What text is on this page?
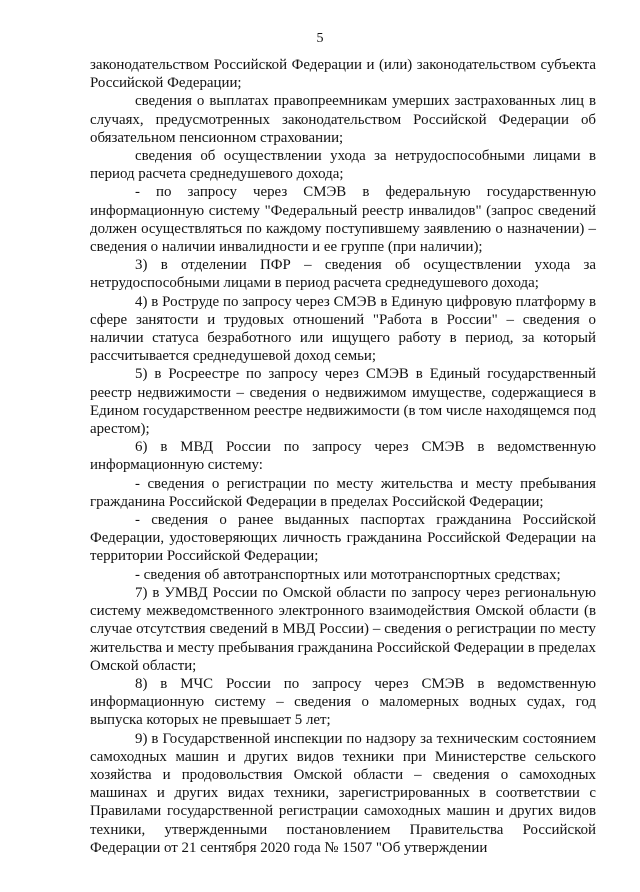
5

законодательством Российской Федерации и (или) законодательством субъекта Российской Федерации;

сведения о выплатах правопреемникам умерших застрахованных лиц в случаях, предусмотренных законодательством Российской Федерации об обязательном пенсионном страховании;

сведения об осуществлении ухода за нетрудоспособными лицами в период расчета среднедушевого дохода;

- по запросу через СМЭВ в федеральную государственную информационную систему "Федеральный реестр инвалидов" (запрос сведений должен осуществляться по каждому поступившему заявлению о назначении) – сведения о наличии инвалидности и ее группе (при наличии);

3) в отделении ПФР – сведения об осуществлении ухода за нетрудоспособными лицами в период расчета среднедушевого дохода;

4) в Роструде по запросу через СМЭВ в Единую цифровую платформу в сфере занятости и трудовых отношений "Работа в России" – сведения о наличии статуса безработного или ищущего работу в период, за который рассчитывается среднедушевой доход семьи;

5) в Росреестре по запросу через СМЭВ в Единый государственный реестр недвижимости – сведения о недвижимом имуществе, содержащиеся в Едином государственном реестре недвижимости (в том числе находящемся под арестом);

6) в МВД России по запросу через СМЭВ в ведомственную информационную систему:

- сведения о регистрации по месту жительства и месту пребывания гражданина Российской Федерации в пределах Российской Федерации;

- сведения о ранее выданных паспортах гражданина Российской Федерации, удостоверяющих личность гражданина Российской Федерации на территории Российской Федерации;

- сведения об автотранспортных или мототранспортных средствах;

7) в УМВД России по Омской области по запросу через региональную систему межведомственного электронного взаимодействия Омской области (в случае отсутствия сведений в МВД России) – сведения о регистрации по месту жительства и месту пребывания гражданина Российской Федерации в пределах Омской области;

8) в МЧС России по запросу через СМЭВ в ведомственную информационную систему – сведения о маломерных водных судах, год выпуска которых не превышает 5 лет;

9) в Государственной инспекции по надзору за техническим состоянием самоходных машин и других видов техники при Министерстве сельского хозяйства и продовольствия Омской области – сведения о самоходных машинах и других видах техники, зарегистрированных в соответствии с Правилами государственной регистрации самоходных машин и других видов техники, утвержденными постановлением Правительства Российской Федерации от 21 сентября 2020 года № 1507 "Об утверждении
